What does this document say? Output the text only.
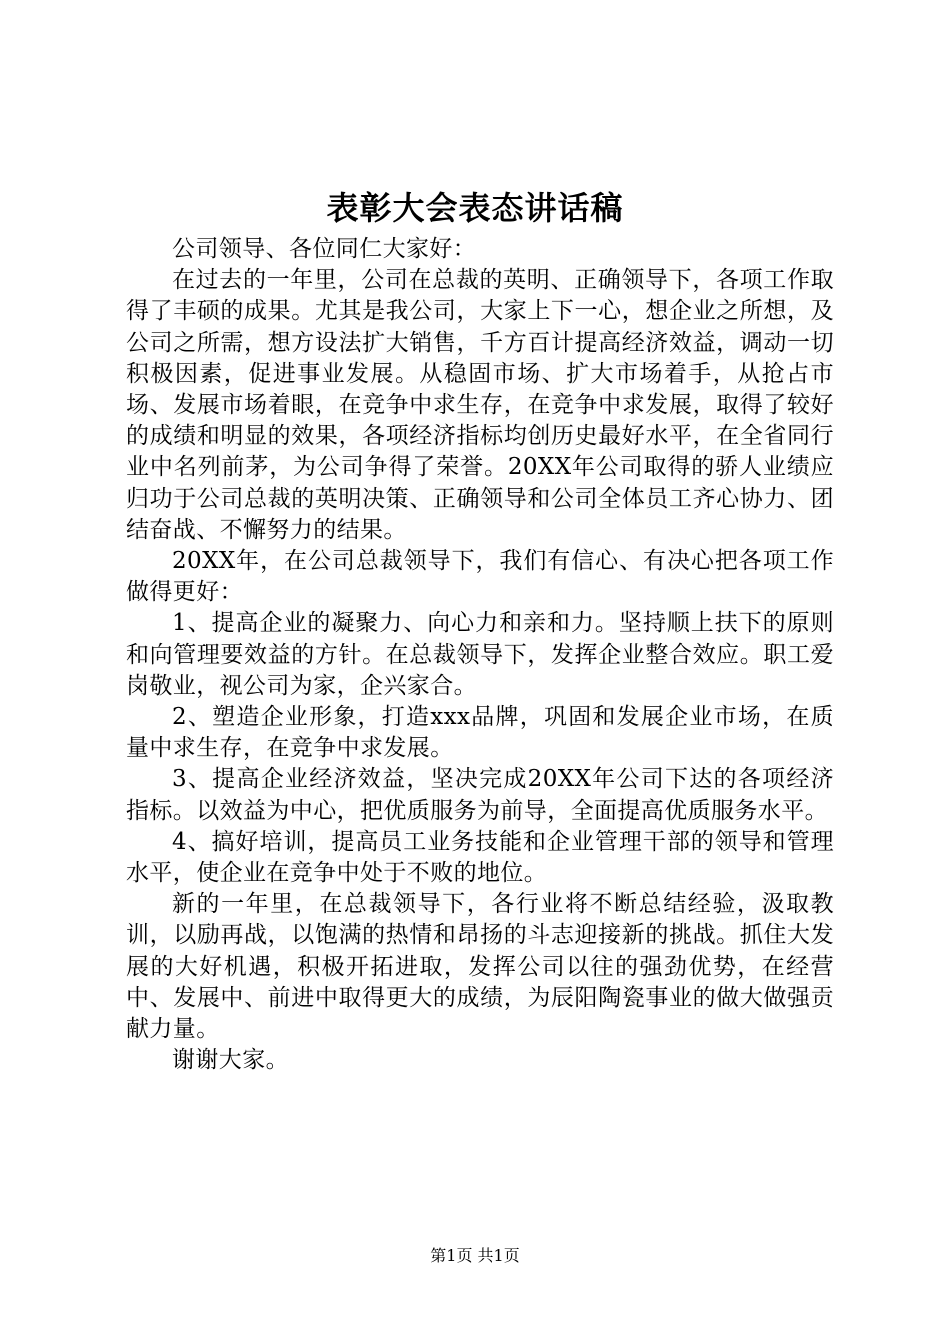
表彰大会表态讲话稿

公司领导、各位同仁大家好：

在过去的一年里，公司在总裁的英明、正确领导下，各项工作取得了丰硕的成果。尤其是我公司，大家上下一心，想企业之所想，及公司之所需，想方设法扩大销售，千方百计提高经济效益，调动一切积极因素，促进事业发展。从稳固市场、扩大市场着手，从抢占市场、发展市场着眼，在竞争中求生存，在竞争中求发展，取得了较好的成绩和明显的效果，各项经济指标均创历史最好水平，在全省同行业中名列前茅，为公司争得了荣誉。20XX年公司取得的骄人业绩应归功于公司总裁的英明决策、正确领导和公司全体员工齐心协力、团结奋战、不懈努力的结果。

20XX年，在公司总裁领导下，我们有信心、有决心把各项工作做得更好：

1、提高企业的凝聚力、向心力和亲和力。坚持顺上扶下的原则和向管理要效益的方针。在总裁领导下，发挥企业整合效应。职工爱岗敬业，视公司为家，企兴家合。

2、塑造企业形象，打造xxx品牌，巩固和发展企业市场，在质量中求生存，在竞争中求发展。

3、提高企业经济效益，坚决完成20XX年公司下达的各项经济指标。以效益为中心，把优质服务为前导，全面提高优质服务水平。

4、搞好培训，提高员工业务技能和企业管理干部的领导和管理水平，使企业在竞争中处于不败的地位。

新的一年里，在总裁领导下，各行业将不断总结经验，汲取教训，以励再战，以饱满的热情和昂扬的斗志迎接新的挑战。抓住大发展的大好机遇，积极开拓进取，发挥公司以往的强劲优势，在经营中、发展中、前进中取得更大的成绩，为辰阳陶瓷事业的做大做强贡献力量。

谢谢大家。

第1页 共1页
